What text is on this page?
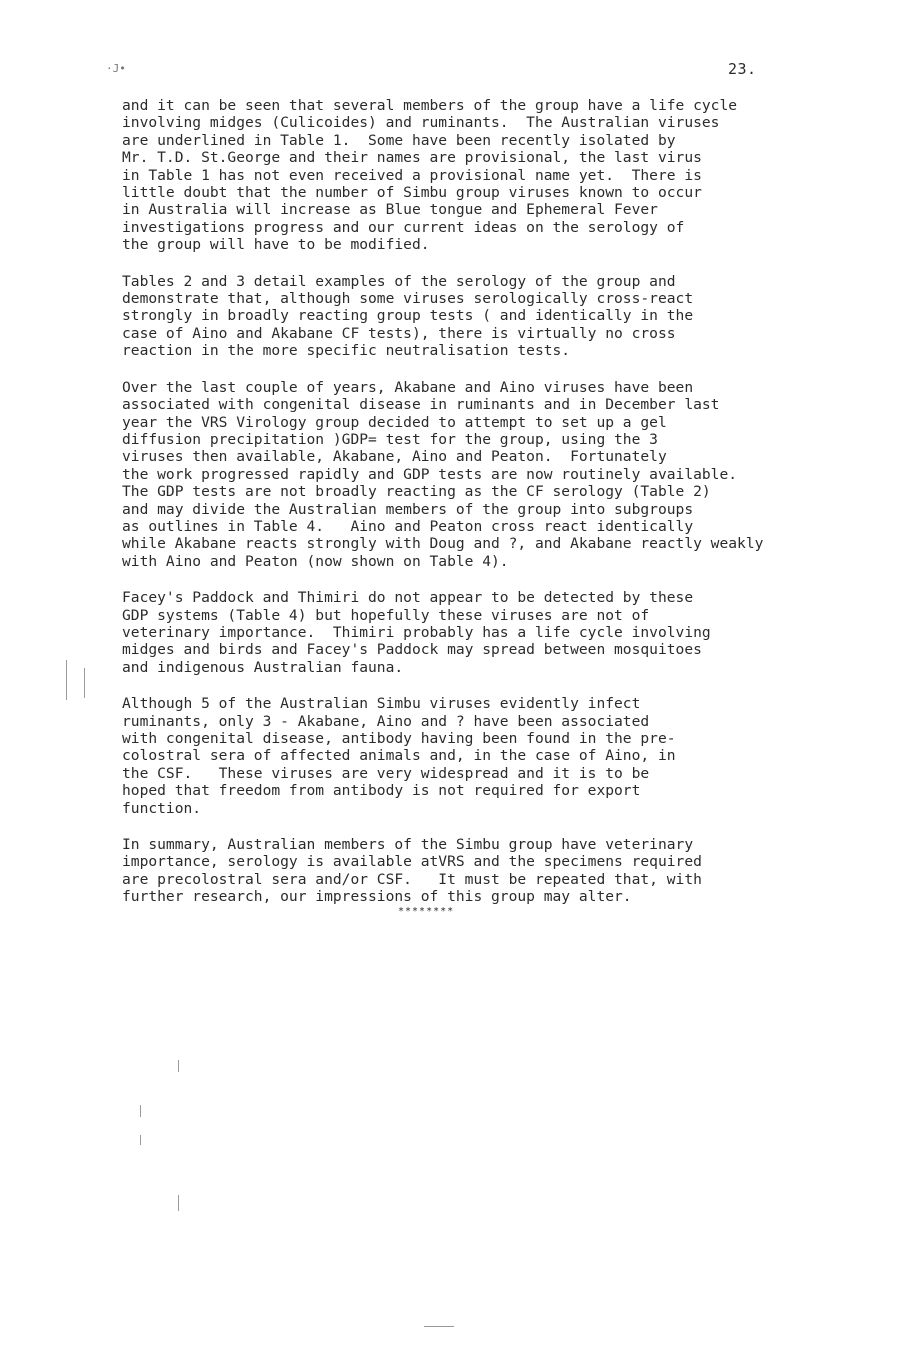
·J•	23.

and it can be seen that several members of the group have a life cycle
involving midges (Culicoides) and ruminants.  The Australian viruses
are underlined in Table 1.  Some have been recently isolated by
Mr. T.D. St.George and their names are provisional, the last virus
in Table 1 has not even received a provisional name yet.  There is
little doubt that the number of Simbu group viruses known to occur
in Australia will increase as Blue tongue and Ephemeral Fever
investigations progress and our current ideas on the serology of
the group will have to be modified.

Tables 2 and 3 detail examples of the serology of the group and
demonstrate that, although some viruses serologically cross-react
strongly in broadly reacting group tests ( and identically in the
case of Aino and Akabane CF tests), there is virtually no cross
reaction in the more specific neutralisation tests.

Over the last couple of years, Akabane and Aino viruses have been
associated with congenital disease in ruminants and in December last
year the VRS Virology group decided to attempt to set up a gel
diffusion precipitation )GDP= test for the group, using the 3
viruses then available, Akabane, Aino and Peaton.  Fortunately
the work progressed rapidly and GDP tests are now routinely available.
The GDP tests are not broadly reacting as the CF serology (Table 2)
and may divide the Australian members of the group into subgroups
as outlines in Table 4.   Aino and Peaton cross react identically
while Akabane reacts strongly with Doug and ?, and Akabane reactly weakly
with Aino and Peaton (now shown on Table 4).

Facey's Paddock and Thimiri do not appear to be detected by these
GDP systems (Table 4) but hopefully these viruses are not of
veterinary importance.  Thimiri probably has a life cycle involving
midges and birds and Facey's Paddock may spread between mosquitoes
and indigenous Australian fauna.

Although 5 of the Australian Simbu viruses evidently infect
ruminants, only 3 - Akabane, Aino and ? have been associated
with congenital disease, antibody having been found in the pre-
colostral sera of affected animals and, in the case of Aino, in
the CSF.   These viruses are very widespread and it is to be
hoped that freedom from antibody is not required for export
function.

In summary, Australian members of the Simbu group have veterinary
importance, serology is available atVRS and the specimens required
are precolostral sera and/or CSF.   It must be repeated that, with
further research, our impressions of this group may alter.

********
